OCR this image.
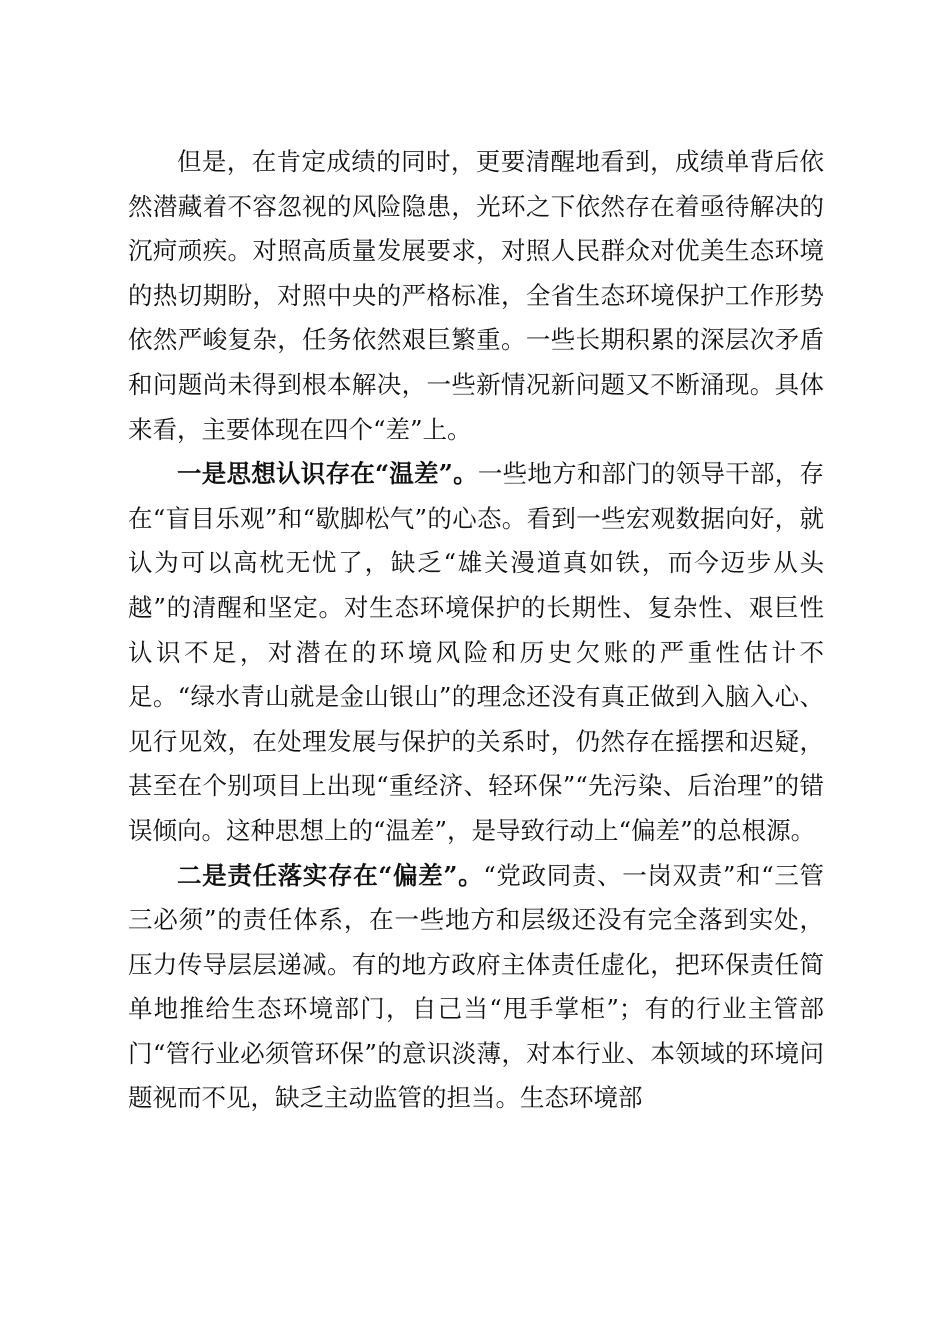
但是，在肯定成绩的同时，更要清醒地看到，成绩单背后依然潜藏着不容忽视的风险隐患，光环之下依然存在着亟待解决的沉疴顽疾。对照高质量发展要求，对照人民群众对优美生态环境的热切期盼，对照中央的严格标准，全省生态环境保护工作形势依然严峻复杂，任务依然艰巨繁重。一些长期积累的深层次矛盾和问题尚未得到根本解决，一些新情况新问题又不断涌现。具体来看，主要体现在四个“差”上。

一是思想认识存在“温差”。一些地方和部门的领导干部，存在“盲目乐观”和“歇脚松气”的心态。看到一些宏观数据向好，就认为可以高枕无忧了，缺乏“雄关漫道真如铁，而今迈步从头越”的清醒和坚定。对生态环境保护的长期性、复杂性、艰巨性认识不足，对潜在的环境风险和历史欠账的严重性估计不足。“绿水青山就是金山银山”的理念还没有真正做到入脑入心、见行见效，在处理发展与保护的关系时，仍然存在摇摆和迟疑，甚至在个别项目上出现“重经济、轻环保”“先污染、后治理”的错误倾向。这种思想上的“温差”，是导致行动上“偏差”的总根源。

二是责任落实存在“偏差”。“党政同责、一岗双责”和“三管三必须”的责任体系，在一些地方和层级还没有完全落到实处，压力传导层层递减。有的地方政府主体责任虚化，把环保责任简单地推给生态环境部门，自己当“甩手掌柜”；有的行业主管部门“管行业必须管环保”的意识淡薄，对本行业、本领域的环境问题视而不见，缺乏主动监管的担当。生态环境部
